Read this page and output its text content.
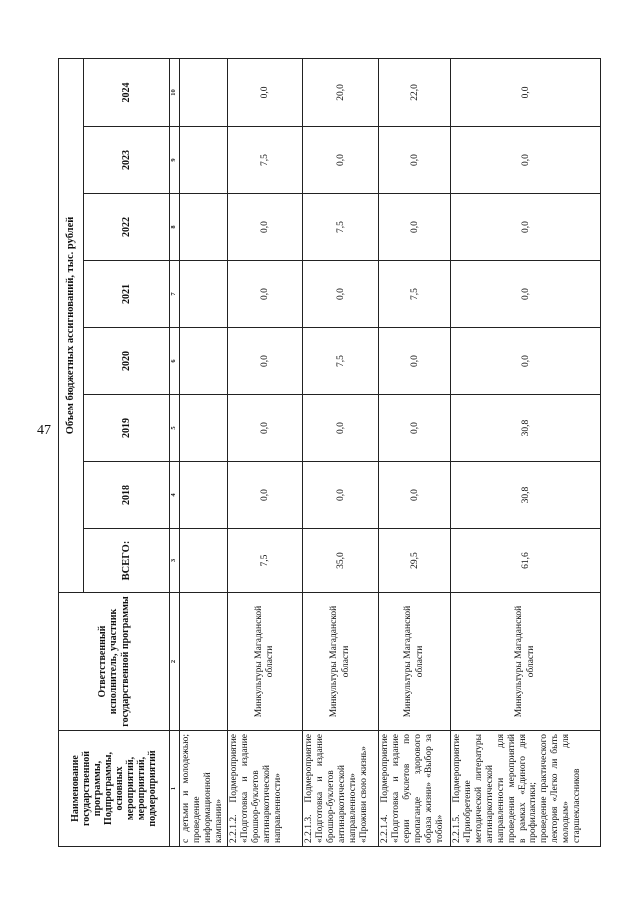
47
Наименование государственной программы, Подпрограммы, основных мероприятий, мероприятий, подмероприятий	Ответственный исполнитель, участник государственной программы	Объем бюджетных ассигнований, тыс. рублей							
		ВСЕГО:	2018	2019	2020	2021	2022	2023	2024
1	2	3	4	5	6	7	8	9	10
с детьми и молодежью; проведение информационной кампании»									
2.2.1.2. Подмероприятие «Подготовка и издание брошюр-буклетов антинаркотической направленности»	Минкультуры Магаданской области	7,5	0,0	0,0	0,0	0,0	0,0	7,5	0,0
2.2.1.3. Подмероприятие «Подготовка и издание брошюр-буклетов антинаркотической направленности» «Проживи свою жизнь»	Минкультуры Магаданской области	35,0	0,0	0,0	7,5	0,0	7,5	0,0	20,0
2.2.1.4. Подмероприятие «Подготовка и издание серии буклетов по пропаганде здорового образа жизни» «Выбор за тобой»	Минкультуры Магаданской области	29,5	0,0	0,0	0,0	7,5	0,0	0,0	22,0
2.2.1.5. Подмероприятие «Приобретение методической литературы антинаркотической направленности для проведения мероприятий в рамках «Единого дня профилактики; проведение практического лектория «Легко ли быть молодым» для старшеклассников	Минкультуры Магаданской области	61,6	30,8	30,8	0,0	0,0	0,0	0,0	0,0
